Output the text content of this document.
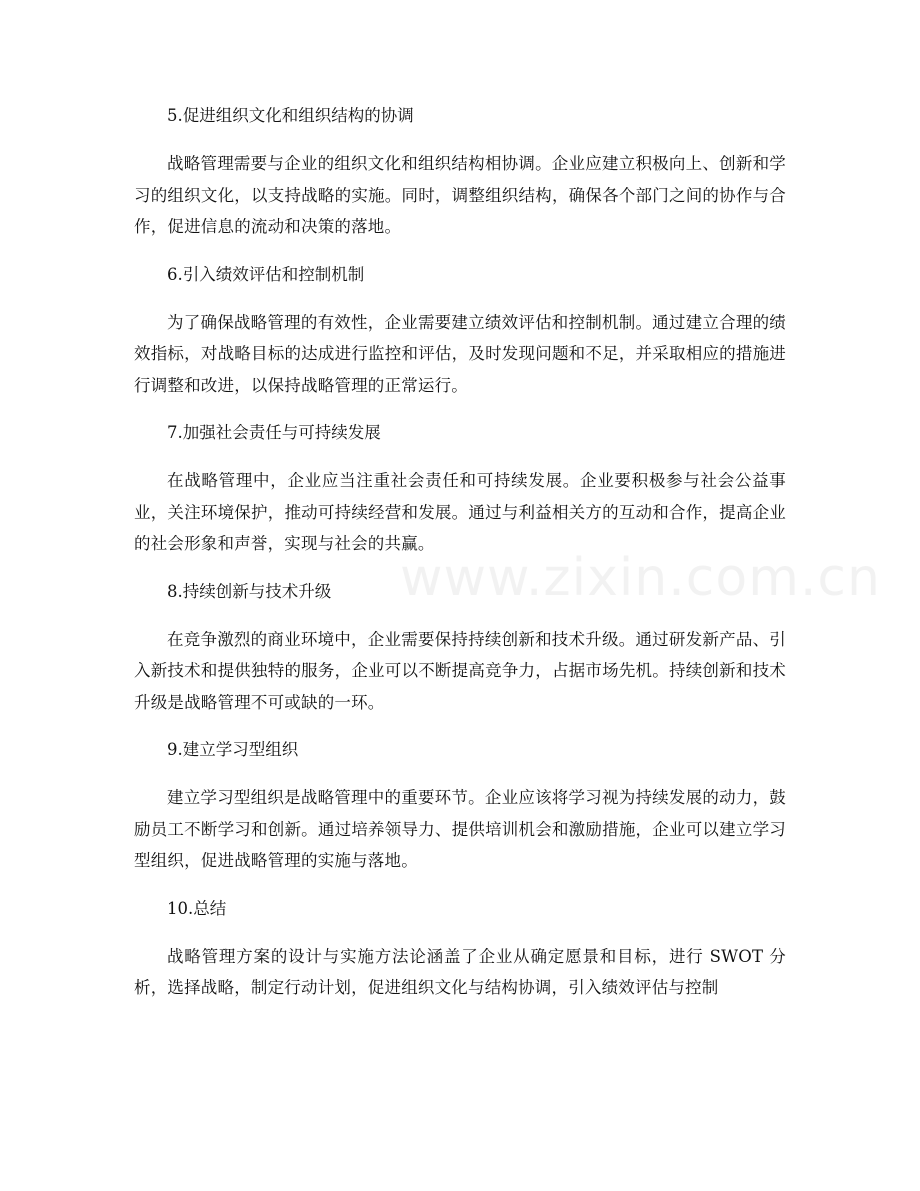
5.促进组织文化和组织结构的协调
战略管理需要与企业的组织文化和组织结构相协调。企业应建立积极向上、创新和学习的组织文化，以支持战略的实施。同时，调整组织结构，确保各个部门之间的协作与合作，促进信息的流动和决策的落地。
6.引入绩效评估和控制机制
为了确保战略管理的有效性，企业需要建立绩效评估和控制机制。通过建立合理的绩效指标，对战略目标的达成进行监控和评估，及时发现问题和不足，并采取相应的措施进行调整和改进，以保持战略管理的正常运行。
7.加强社会责任与可持续发展
在战略管理中，企业应当注重社会责任和可持续发展。企业要积极参与社会公益事业，关注环境保护，推动可持续经营和发展。通过与利益相关方的互动和合作，提高企业的社会形象和声誉，实现与社会的共赢。
8.持续创新与技术升级
在竞争激烈的商业环境中，企业需要保持持续创新和技术升级。通过研发新产品、引入新技术和提供独特的服务，企业可以不断提高竞争力，占据市场先机。持续创新和技术升级是战略管理不可或缺的一环。
9.建立学习型组织
建立学习型组织是战略管理中的重要环节。企业应该将学习视为持续发展的动力，鼓励员工不断学习和创新。通过培养领导力、提供培训机会和激励措施，企业可以建立学习型组织，促进战略管理的实施与落地。
10.总结
战略管理方案的设计与实施方法论涵盖了企业从确定愿景和目标，进行 SWOT 分析，选择战略，制定行动计划，促进组织文化与结构协调，引入绩效评估与控制
www.zixin.com.cn
